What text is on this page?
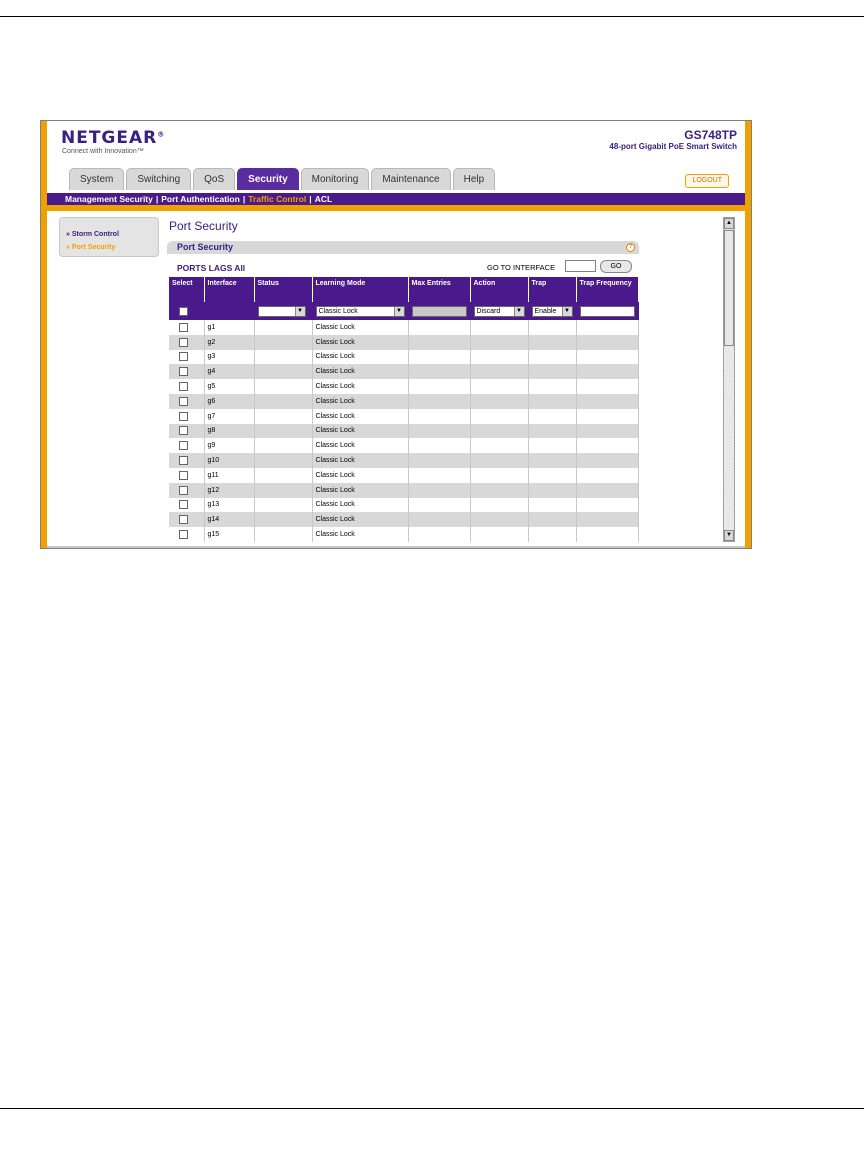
NETGEAR®
Connect with Innovation™
GS748TP
48-port Gigabit PoE Smart Switch
System	Switching	QoS	Security	Monitoring	Maintenance	Help	LOGOUT
Management Security | Port Authentication | Traffic Control | ACL
» Storm Control
» Port Security
Port Security
Port Security	?
PORTS LAGS All	GO TO INTERFACE	GO
Select	Interface	Status	Learning Mode	Max Entries	Action	Trap	Trap Frequency

		▼	Classic Lock ▼		Discard ▼	Enable ▼	

	g1		Classic Lock				
	g2		Classic Lock				
	g3		Classic Lock				
	g4		Classic Lock				
	g5		Classic Lock				
	g6		Classic Lock				
	g7		Classic Lock				
	g8		Classic Lock				
	g9		Classic Lock				
	g10		Classic Lock				
	g11		Classic Lock				
	g12		Classic Lock				
	g13		Classic Lock				
	g14		Classic Lock				
	g15		Classic Lock				
▲
▼
